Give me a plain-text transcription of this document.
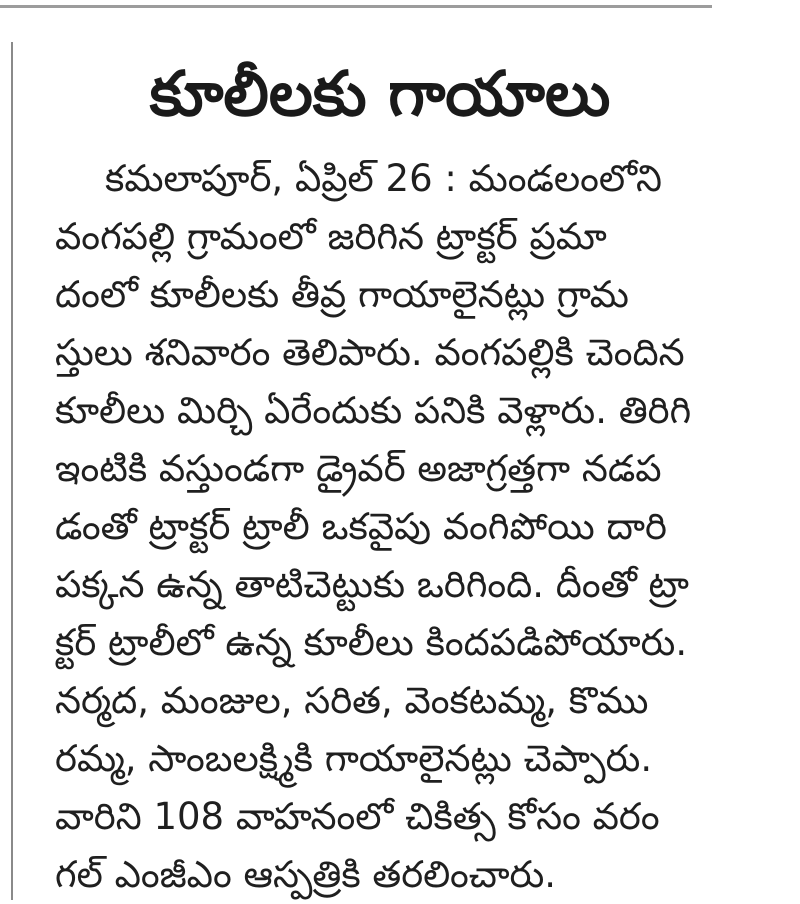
కూలీలకు గాయాలు
కమలాపూర్, ఏప్రిల్ 26 : మండలంలోని
వంగపల్లి గ్రామంలో జరిగిన ట్రాక్టర్ ప్రమా
దంలో కూలీలకు తీవ్ర గాయాలైనట్లు గ్రామ
స్తులు శనివారం తెలిపారు. వంగపల్లికి చెందిన
కూలీలు మిర్చి ఏరేందుకు పనికి వెళ్లారు. తిరిగి
ఇంటికి వస్తుండగా డ్రైవర్ అజాగ్రత్తగా నడప
డంతో ట్రాక్టర్ ట్రాలీ ఒకవైపు వంగిపోయి దారి
పక్కన ఉన్న తాటిచెట్టుకు ఒరిగింది. దీంతో ట్రా
క్టర్ ట్రాలీలో ఉన్న కూలీలు కిందపడిపోయారు.
నర్మద, మంజుల, సరిత, వెంకటమ్మ, కొము
రమ్మ, సాంబలక్ష్మికి గాయాలైనట్లు చెప్పారు.
వారిని 108 వాహనంలో చికిత్స కోసం వరం
గల్ ఎంజీఎం ఆస్పత్రికి తరలించారు.
